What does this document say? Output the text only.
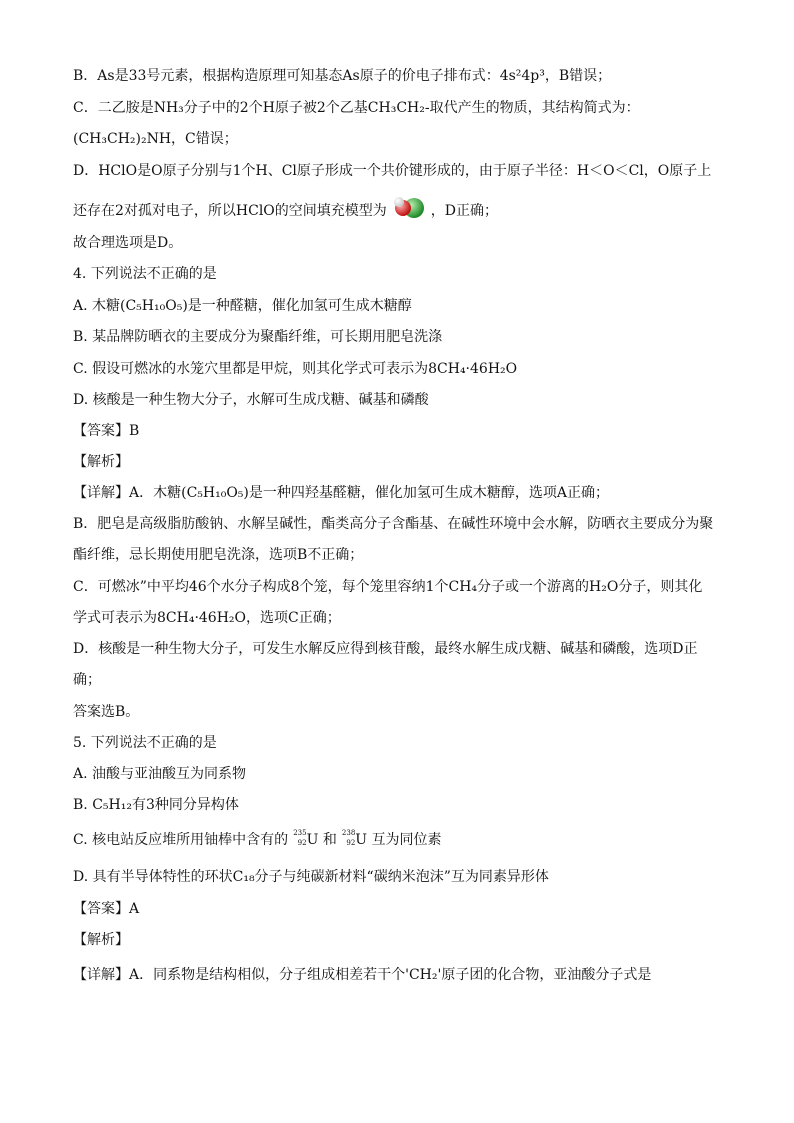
B．As是33号元素，根据构造原理可知基态As原子的价电子排布式：4s²4p³，B错误；
C．二乙胺是NH₃分子中的2个H原子被2个乙基CH₃CH₂-取代产生的物质，其结构简式为：
(CH₃CH₂)₂NH，C错误；
D．HClO是O原子分别与1个H、Cl原子形成一个共价键形成的，由于原子半径：H＜O＜Cl，O原子上
还存在2对孤对电子，所以HClO的空间填充模型为	，D正确；
故合理选项是D。
4. 下列说法不正确的是
A. 木糖(C₅H₁₀O₅)是一种醛糖，催化加氢可生成木糖醇
B. 某品牌防晒衣的主要成分为聚酯纤维，可长期用肥皂洗涤
C. 假设可燃冰的水笼穴里都是甲烷，则其化学式可表示为8CH₄·46H₂O
D. 核酸是一种生物大分子，水解可生成戊糖、碱基和磷酸
【答案】B
【解析】
【详解】A．木糖(C₅H₁₀O₅)是一种四羟基醛糖，催化加氢可生成木糖醇，选项A正确；
B．肥皂是高级脂肪酸钠、水解呈碱性，酯类高分子含酯基、在碱性环境中会水解，防晒衣主要成分为聚
酯纤维，忌长期使用肥皂洗涤，选项B不正确；
C．可燃冰”中平均46个水分子构成8个笼，每个笼里容纳1个CH₄分子或一个游离的H₂O分子，则其化
学式可表示为8CH₄·46H₂O，选项C正确；
D．核酸是一种生物大分子，可发生水解反应得到核苷酸，最终水解生成戊糖、碱基和磷酸，选项D正
确；
答案选B。
5. 下列说法不正确的是
A. 油酸与亚油酸互为同系物
B. C₅H₁₂有3种同分异构体
C. 核电站反应堆所用铀棒中含有的 235
92 U 和 238
92 U 互为同位素
D. 具有半导体特性的环状C₁₈分子与纯碳新材料“碳纳米泡沫”互为同素异形体
【答案】A
【解析】
【详解】A．同系物是结构相似，分子组成相差若干个'CH₂'原子团的化合物，亚油酸分子式是
